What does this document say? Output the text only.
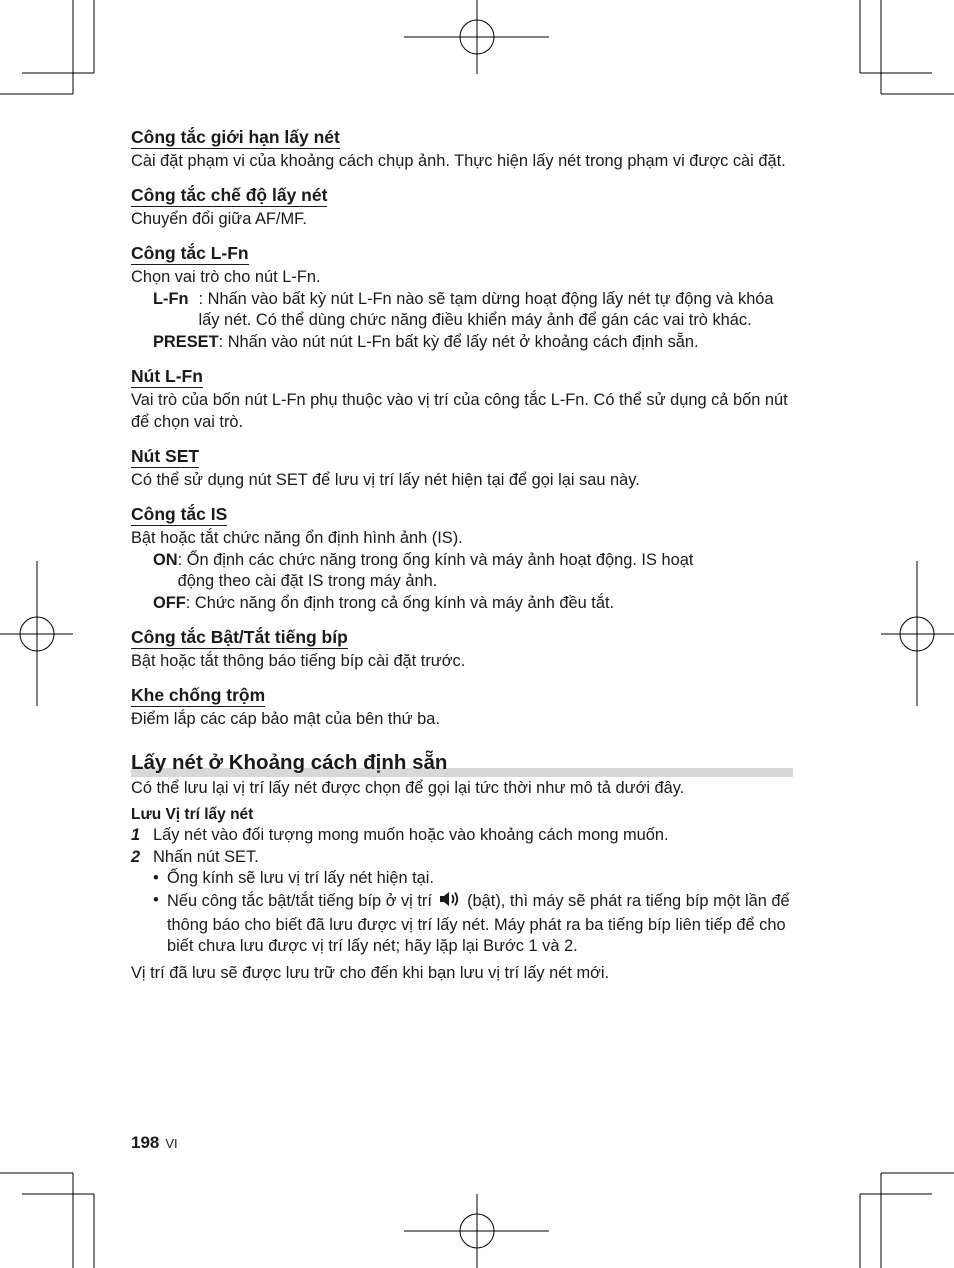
Công tắc giới hạn lấy nét
Cài đặt phạm vi của khoảng cách chụp ảnh. Thực hiện lấy nét trong phạm vi được cài đặt.
Công tắc chế độ lấy nét
Chuyển đổi giữa AF/MF.
Công tắc L-Fn
Chọn vai trò cho nút L-Fn.
L-Fn : Nhấn vào bất kỳ nút L-Fn nào sẽ tạm dừng hoạt động lấy nét tự động và khóa lấy nét. Có thể dùng chức năng điều khiển máy ảnh để gán các vai trò khác.
PRESET : Nhấn vào nút nút L-Fn bất kỳ để lấy nét ở khoảng cách định sẵn.
Nút L-Fn
Vai trò của bốn nút L-Fn phụ thuộc vào vị trí của công tắc L-Fn. Có thể sử dụng cả bốn nút để chọn vai trò.
Nút SET
Có thể sử dụng nút SET để lưu vị trí lấy nét hiện tại để gọi lại sau này.
Công tắc IS
Bật hoặc tắt chức năng ổn định hình ảnh (IS).
ON : Ổn định các chức năng trong ống kính và máy ảnh hoạt động. IS hoạt động theo cài đặt IS trong máy ảnh.
OFF : Chức năng ổn định trong cả ống kính và máy ảnh đều tắt.
Công tắc Bật/Tắt tiếng bíp
Bật hoặc tắt thông báo tiếng bíp cài đặt trước.
Khe chống trộm
Điểm lắp các cáp bảo mật của bên thứ ba.
Lấy nét ở Khoảng cách định sẵn
Có thể lưu lại vị trí lấy nét được chọn để gọi lại tức thời như mô tả dưới đây.
Lưu Vị trí lấy nét
1 Lấy nét vào đối tượng mong muốn hoặc vào khoảng cách mong muốn.
2 Nhấn nút SET.
• Ống kính sẽ lưu vị trí lấy nét hiện tại.
• Nếu công tắc bật/tắt tiếng bíp ở vị trí (bật), thì máy sẽ phát ra tiếng bíp một lần để thông báo cho biết đã lưu được vị trí lấy nét. Máy phát ra ba tiếng bíp liên tiếp để cho biết chưa lưu được vị trí lấy nét; hãy lặp lại Bước 1 và 2.
Vị trí đã lưu sẽ được lưu trữ cho đến khi bạn lưu vị trí lấy nét mới.
198 VI
